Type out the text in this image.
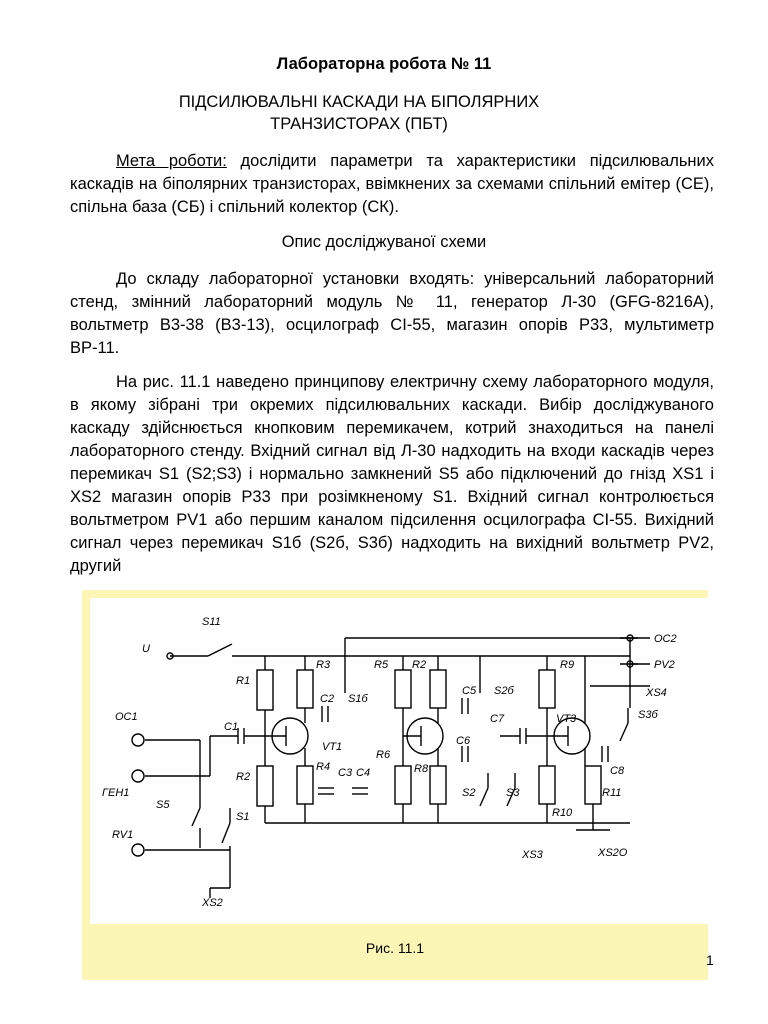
Лабораторна робота № 11
ПІДСИЛЮВАЛЬНІ КАСКАДИ НА БІПОЛЯРНИХ
ТРАНЗИСТОРАХ (ПБТ)
Мета роботи: дослідити параметри та характеристики підсилювальних каскадів на біполярних транзисторах, ввімкнених за схемами спільний емітер (СЕ), спільна база (СБ) і спільний колектор (СК).
Опис досліджуваної схеми
До складу лабораторної установки входять: універсальний лабораторний стенд, змінний лабораторний модуль № 11, генератор Л-30 (GFG-8216A), вольтметр В3-38 (В3-13), осцилограф СІ-55, магазин опорів Р33, мультиметр ВР-11.
На рис. 11.1 наведено принципову електричну схему лабораторного модуля, в якому зібрані три окремих підсилювальних каскади. Вибір досліджуваного каскаду здійснюється кнопковим перемикачем, котрий знаходиться на панелі лабораторного стенду. Вхідний сигнал від Л-30 надходить на входи каскадів через перемикач S1 (S2;S3) і нормально замкнений S5 або підключений до гнізд XS1 і XS2 магазин опорів Р33 при розімкненому S1. Вхідний сигнал контролюється вольтметром PV1 або першим каналом підсилення осцилографа СІ-55. Вихідний сигнал через перемикач S1б (S2б, S3б) надходить на вихідний вольтметр PV2, другий
S11
U
OC2
PV2
XS4
R1
R3
C2 S1б
R5 R2
C5 S2б
R9
S3б
OC1
C1
VT1
C7	VT3
C6
C8
R2
R4 C3 C4
R6
R8
ГЕН1
S5
S1
S2	S3
R10
R11
RV1
XS3	XS2O
XS2
Рис. 11.1
1
